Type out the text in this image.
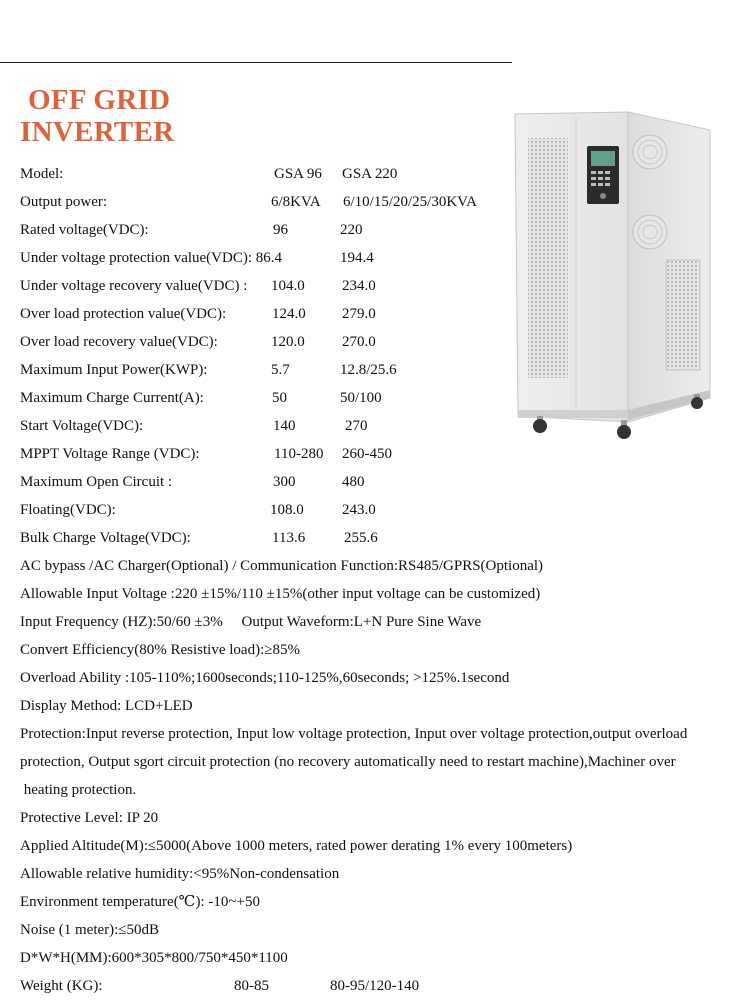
OFF GRID
INVERTER
Model:	GSA 96 GSA 220
Output power:	6/8KVA 6/10/15/20/25/30KVA
Rated voltage(VDC):	96	220
Under voltage protection value(VDC): 86.4	194.4
Under voltage recovery value(VDC) : 104.0 234.0
Over load protection value(VDC):	124.0 279.0
Over load recovery value(VDC):	120.0 270.0
Maximum Input Power(KWP):	5.7	12.8/25.6
Maximum Charge Current(A):	50	50/100
Start Voltage(VDC):	140	270
MPPT Voltage Range (VDC):	110-280 260-450
Maximum Open Circuit :	300	480
Floating(VDC):	108.0	243.0
Bulk Charge Voltage(VDC):	113.6	255.6
AC bypass /AC Charger(Optional) / Communication Function:RS485/GPRS(Optional)
Allowable Input Voltage :220 ±15%/110 ±15%(other input voltage can be customized)
Input Frequency (HZ):50/60 ±3%     Output Waveform:L+N Pure Sine Wave
Convert Efficiency(80% Resistive load):≥85%
Overload Ability :105-110%;1600seconds;110-125%,60seconds; >125%.1second
Display Method: LCD+LED
Protection:Input reverse protection, Input low voltage protection, Input over voltage protection,output overload
protection, Output sgort circuit protection (no recovery automatically need to restart machine),Machiner over
heating protection.
Protective Level: IP 20
Applied Altitude(M):≤5000(Above 1000 meters, rated power derating 1% every 100meters)
Allowable relative humidity:<95%Non-condensation
Environment temperature(℃): -10~+50
Noise (1 meter):≤50dB
D*W*H(MM):600*305*800/750*450*1100
Weight (KG):	80-85	80-95/120-140
